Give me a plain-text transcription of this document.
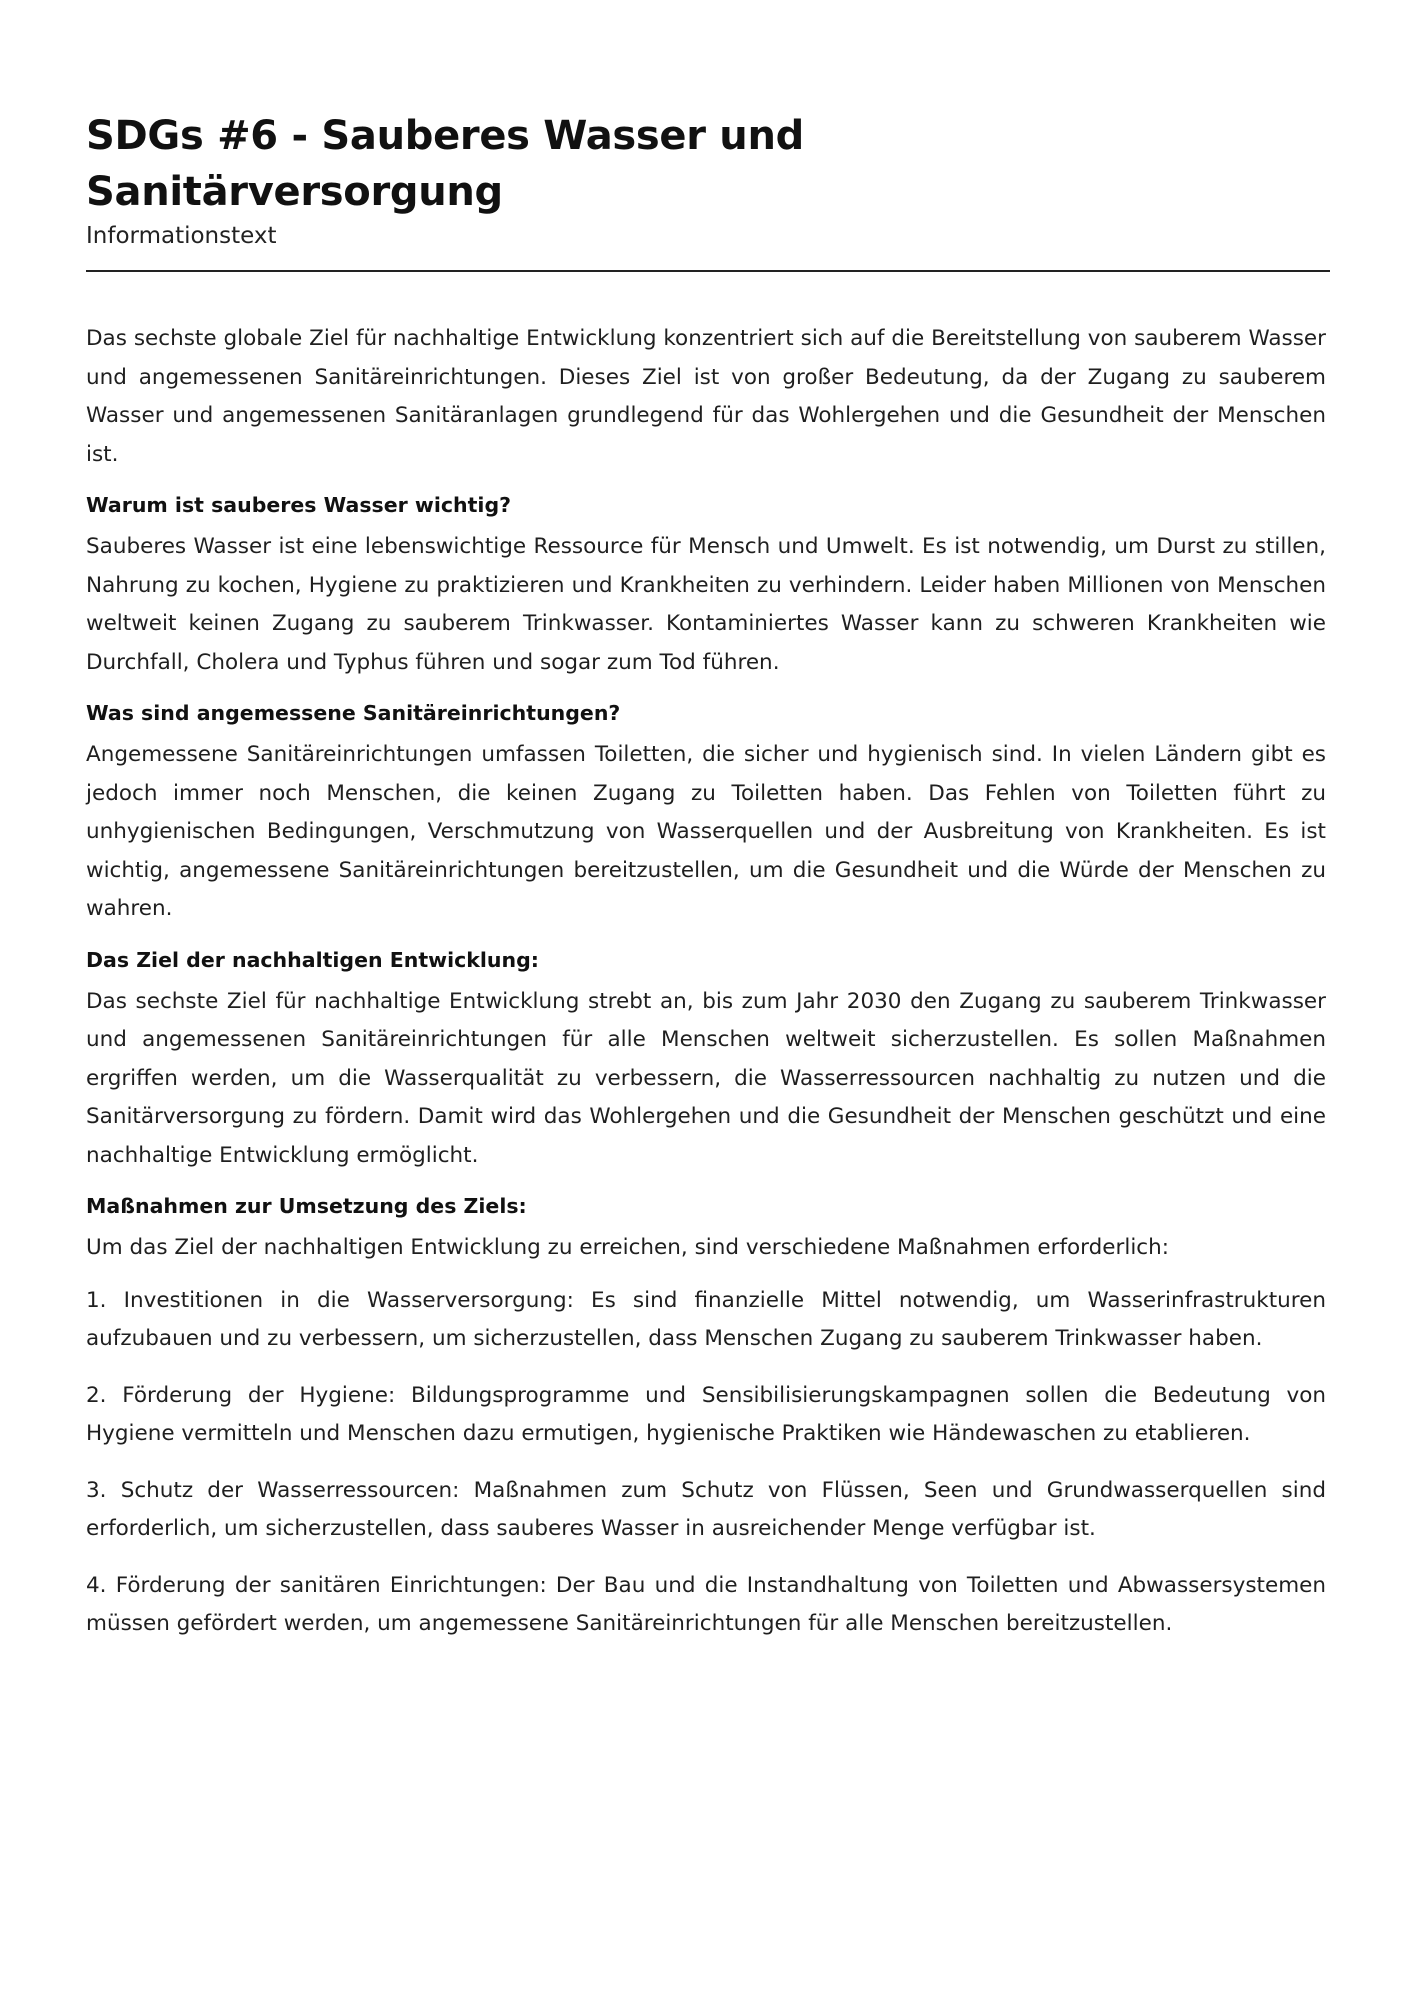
SDGs #6 - Sauberes Wasser und Sanitärversorgung

Informationstext

Das sechste globale Ziel für nachhaltige Entwicklung konzentriert sich auf die Bereitstellung von sauberem Wasser und angemessenen Sanitäreinrichtungen. Dieses Ziel ist von großer Bedeutung, da der Zugang zu sauberem Wasser und angemessenen Sanitäranlagen grundlegend für das Wohlergehen und die Gesundheit der Menschen ist.

Warum ist sauberes Wasser wichtig?

Sauberes Wasser ist eine lebenswichtige Ressource für Mensch und Umwelt. Es ist notwendig, um Durst zu stillen, Nahrung zu kochen, Hygiene zu praktizieren und Krankheiten zu verhindern. Leider haben Millionen von Menschen weltweit keinen Zugang zu sauberem Trinkwasser. Kontaminiertes Wasser kann zu schweren Krankheiten wie Durchfall, Cholera und Typhus führen und sogar zum Tod führen.

Was sind angemessene Sanitäreinrichtungen?

Angemessene Sanitäreinrichtungen umfassen Toiletten, die sicher und hygienisch sind. In vielen Ländern gibt es jedoch immer noch Menschen, die keinen Zugang zu Toiletten haben. Das Fehlen von Toiletten führt zu unhygienischen Bedingungen, Verschmutzung von Wasserquellen und der Ausbreitung von Krankheiten. Es ist wichtig, angemessene Sanitäreinrichtungen bereitzustellen, um die Gesundheit und die Würde der Menschen zu wahren.

Das Ziel der nachhaltigen Entwicklung:

Das sechste Ziel für nachhaltige Entwicklung strebt an, bis zum Jahr 2030 den Zugang zu sauberem Trinkwasser und angemessenen Sanitäreinrichtungen für alle Menschen weltweit sicherzustellen. Es sollen Maßnahmen ergriffen werden, um die Wasserqualität zu verbessern, die Wasserressourcen nachhaltig zu nutzen und die Sanitärversorgung zu fördern. Damit wird das Wohlergehen und die Gesundheit der Menschen geschützt und eine nachhaltige Entwicklung ermöglicht.

Maßnahmen zur Umsetzung des Ziels:

Um das Ziel der nachhaltigen Entwicklung zu erreichen, sind verschiedene Maßnahmen erforderlich:

1. Investitionen in die Wasserversorgung: Es sind finanzielle Mittel notwendig, um Wasserinfrastrukturen aufzubauen und zu verbessern, um sicherzustellen, dass Menschen Zugang zu sauberem Trinkwasser haben.

2. Förderung der Hygiene: Bildungsprogramme und Sensibilisierungskampagnen sollen die Bedeutung von Hygiene vermitteln und Menschen dazu ermutigen, hygienische Praktiken wie Händewaschen zu etablieren.

3. Schutz der Wasserressourcen: Maßnahmen zum Schutz von Flüssen, Seen und Grundwasserquellen sind erforderlich, um sicherzustellen, dass sauberes Wasser in ausreichender Menge verfügbar ist.

4. Förderung der sanitären Einrichtungen: Der Bau und die Instandhaltung von Toiletten und Abwassersystemen müssen gefördert werden, um angemessene Sanitäreinrichtungen für alle Menschen bereitzustellen.
